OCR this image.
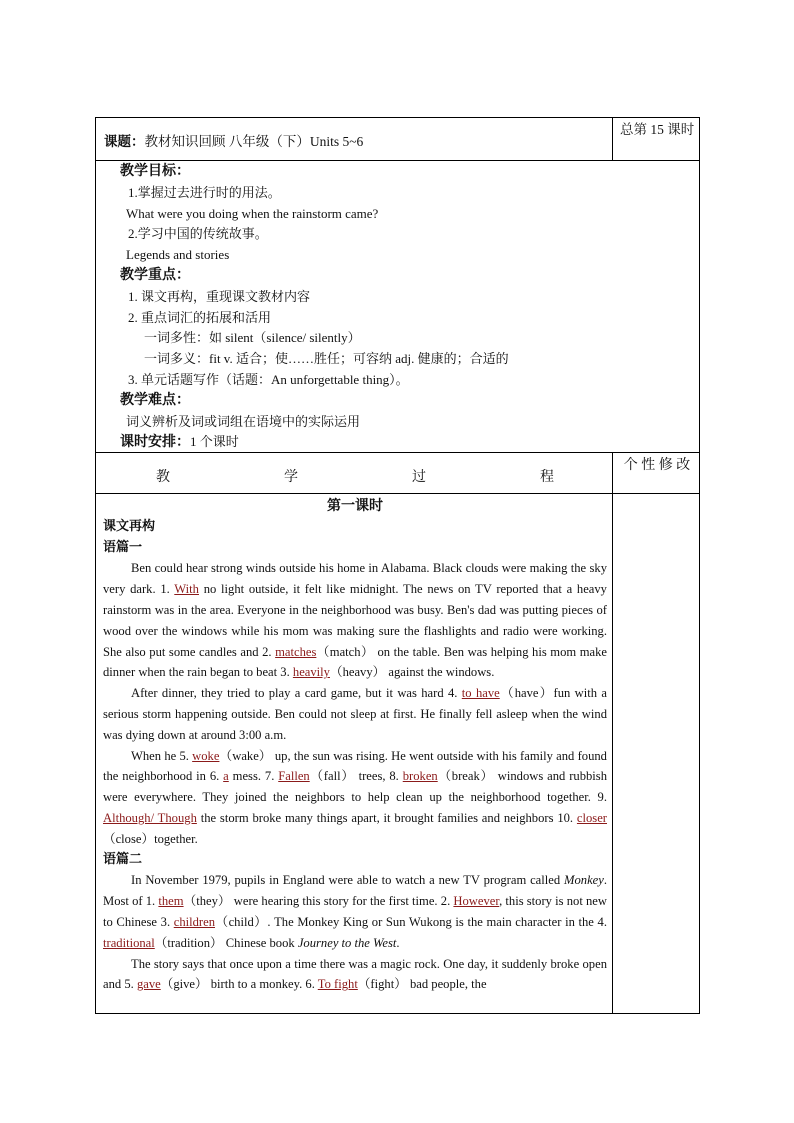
课题：教材知识回顾 八年级（下）Units 5~6
总第 15 课时
教学目标：
1.掌握过去进行时的用法。
What were you doing when the rainstorm came?
2.学习中国的传统故事。
Legends and stories
教学重点：
1. 课文再构，重现课文教材内容
2. 重点词汇的拓展和活用
一词多性：如 silent（silence/ silently）
一词多义：fit v. 适合；使……胜任；可容纳 adj. 健康的；合适的
3. 单元话题写作（话题：An unforgettable thing）。
教学难点：
词义辨析及词或词组在语境中的实际运用
课时安排：1 个课时
教	学	过	程
个 性 修 改
第一课时
课文再构
语篇一

Ben could hear strong winds outside his home in Alabama. Black clouds were making the sky very dark. 1. With no light outside, it felt like midnight. The news on TV reported that a heavy rainstorm was in the area. Everyone in the neighborhood was busy. Ben's dad was putting pieces of wood over the windows while his mom was making sure the flashlights and radio were working. She also put some candles and 2. matches（match） on the table. Ben was helping his mom make dinner when the rain began to beat 3. heavily（heavy） against the windows.

After dinner, they tried to play a card game, but it was hard 4. to have（have）fun with a serious storm happening outside. Ben could not sleep at first. He finally fell asleep when the wind was dying down at around 3:00 a.m.

When he 5. woke（wake） up, the sun was rising. He went outside with his family and found the neighborhood in 6. a mess. 7. Fallen（fall） trees, 8. broken（break） windows and rubbish were everywhere. They joined the neighbors to help clean up the neighborhood together. 9. Although/ Though the storm broke many things apart, it brought families and neighbors 10. closer（close）together.

语篇二

In November 1979, pupils in England were able to watch a new TV program called Monkey. Most of 1. them（they） were hearing this story for the first time. 2. However, this story is not new to Chinese 3. children（child）. The Monkey King or Sun Wukong is the main character in the 4. traditional（tradition） Chinese book Journey to the West.

The story says that once upon a time there was a magic rock. One day, it suddenly broke open and 5. gave（give） birth to a monkey. 6. To fight（fight） bad people, the
